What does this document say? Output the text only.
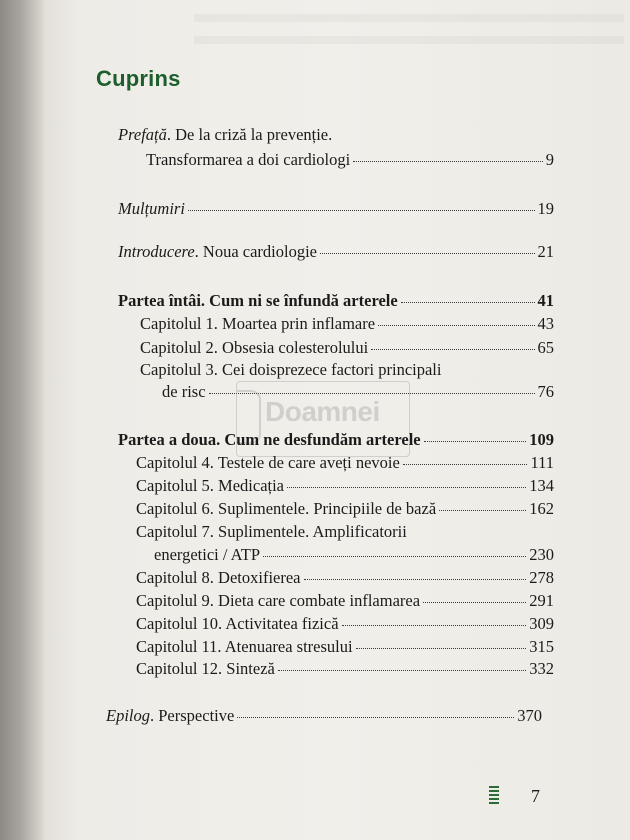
Cuprins
Prefață. De la criză la prevenție.
Transformarea a doi cardiologi	9
Mulțumiri	19
Introducere. Noua cardiologie	21
Partea întâi. Cum ni se înfundă arterele	41
Capitolul 1. Moartea prin inflamare	43
Capitolul 2. Obsesia colesterolului	65
Capitolul 3. Cei doisprezece factori principali
de risc	76
Doamnei
Partea a doua. Cum ne desfundăm arterele	109
Capitolul 4. Testele de care aveți nevoie	111
Capitolul 5. Medicația	134
Capitolul 6. Suplimentele. Principiile de bază	162
Capitolul 7. Suplimentele. Amplificatorii
energetici / ATP	230
Capitolul 8. Detoxifierea	278
Capitolul 9. Dieta care combate inflamarea	291
Capitolul 10. Activitatea fizică	309
Capitolul 11. Atenuarea stresului	315
Capitolul 12. Sinteză	332
Epilog. Perspective	370
7
